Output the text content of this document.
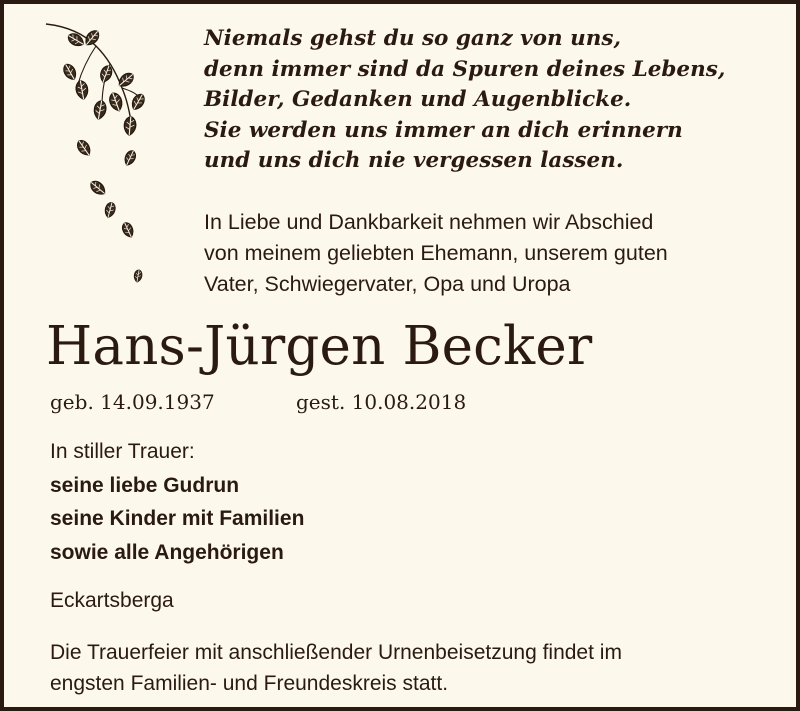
Niemals gehst du so ganz von uns,
denn immer sind da Spuren deines Lebens,
Bilder, Gedanken und Augenblicke.
Sie werden uns immer an dich erinnern
und uns dich nie vergessen lassen.
In Liebe und Dankbarkeit nehmen wir Abschied
von meinem geliebten Ehemann, unserem guten
Vater, Schwiegervater, Opa und Uropa
Hans-Jürgen Becker
geb. 14.09.1937	gest. 10.08.2018
In stiller Trauer:
seine liebe Gudrun
seine Kinder mit Familien
sowie alle Angehörigen
Eckartsberga
Die Trauerfeier mit anschließender Urnenbeisetzung findet im
engsten Familien- und Freundeskreis statt.
